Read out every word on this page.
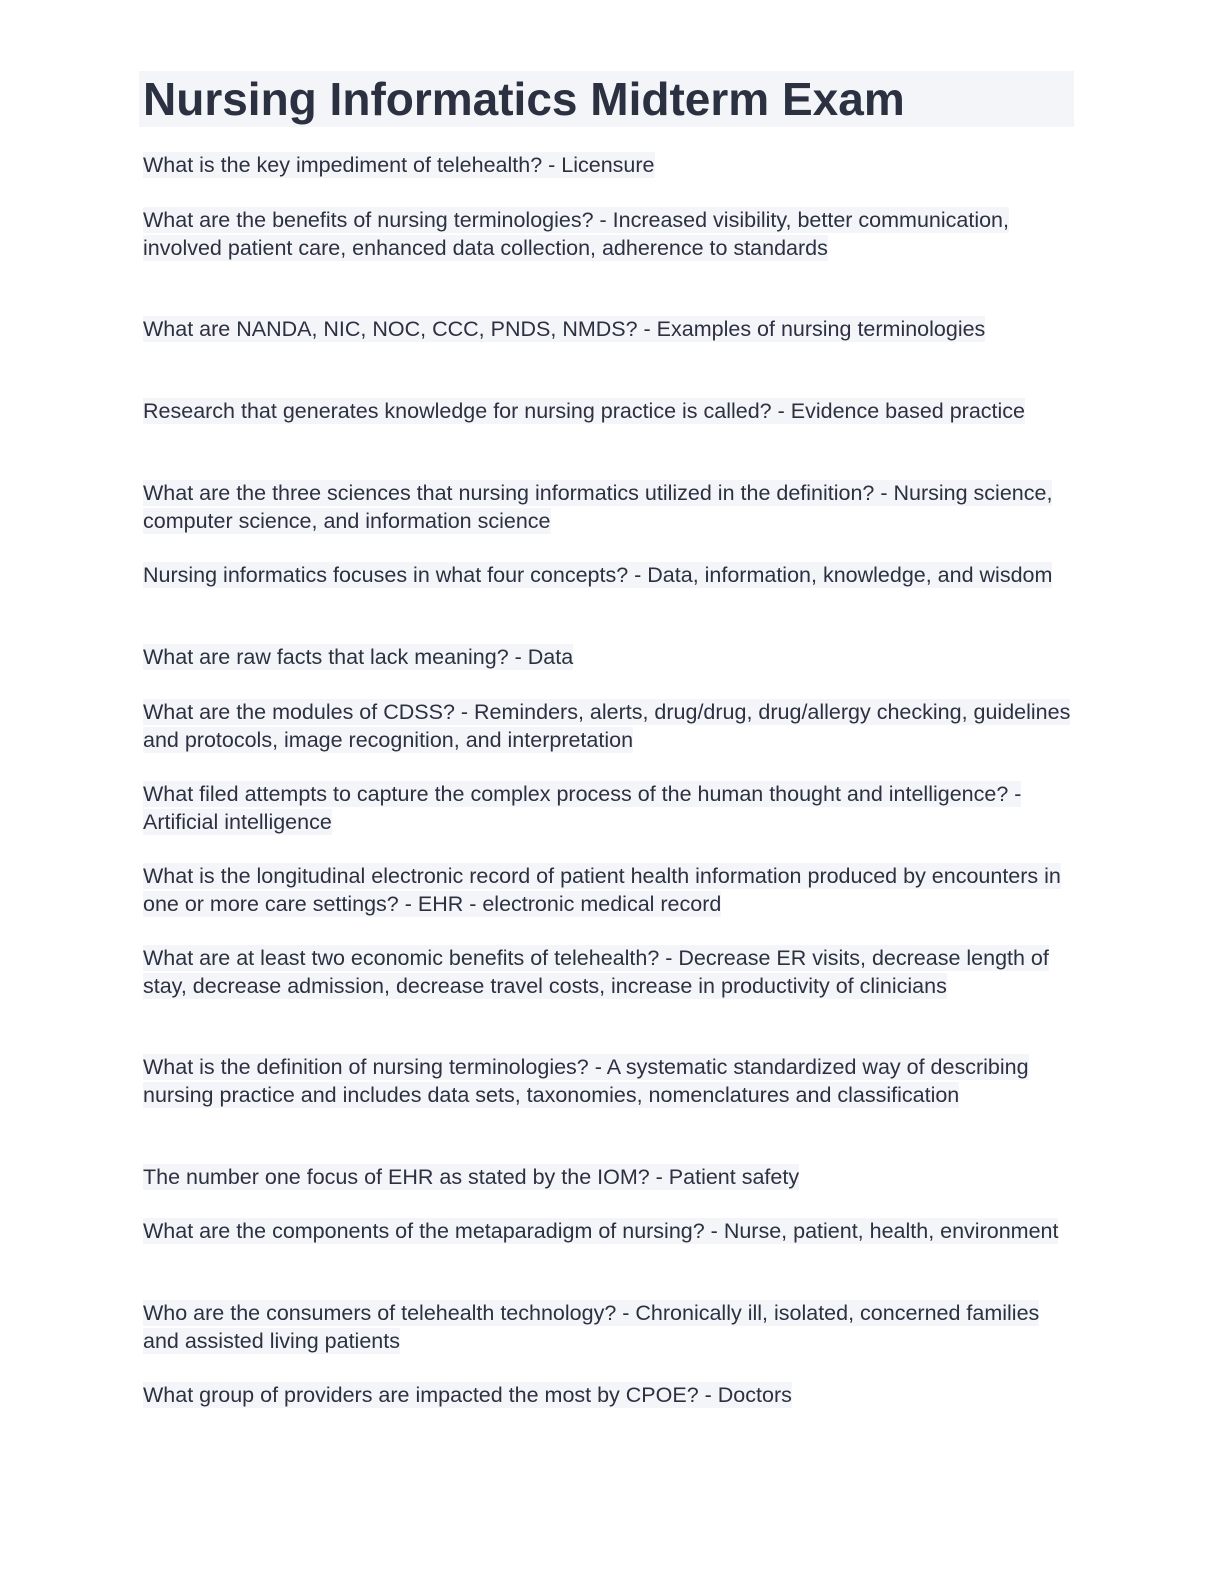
Nursing Informatics Midterm Exam

What is the key impediment of telehealth? - Licensure

What are the benefits of nursing terminologies? - Increased visibility, better communication, involved patient care, enhanced data collection, adherence to standards

What are NANDA, NIC, NOC, CCC, PNDS, NMDS? - Examples of nursing terminologies

Research that generates knowledge for nursing practice is called? - Evidence based practice

What are the three sciences that nursing informatics utilized in the definition? - Nursing science, computer science, and information science

Nursing informatics focuses in what four concepts? - Data, information, knowledge, and wisdom

What are raw facts that lack meaning? - Data

What are the modules of CDSS? - Reminders, alerts, drug/drug, drug/allergy checking, guidelines and protocols, image recognition, and interpretation

What filed attempts to capture the complex process of the human thought and intelligence? - Artificial intelligence

What is the longitudinal electronic record of patient health information produced by encounters in one or more care settings? - EHR - electronic medical record

What are at least two economic benefits of telehealth? - Decrease ER visits, decrease length of stay, decrease admission, decrease travel costs, increase in productivity of clinicians

What is the definition of nursing terminologies? - A systematic standardized way of describing nursing practice and includes data sets, taxonomies, nomenclatures and classification

The number one focus of EHR as stated by the IOM? - Patient safety

What are the components of the metaparadigm of nursing? - Nurse, patient, health, environment

Who are the consumers of telehealth technology? - Chronically ill, isolated, concerned families and assisted living patients

What group of providers are impacted the most by CPOE? - Doctors
